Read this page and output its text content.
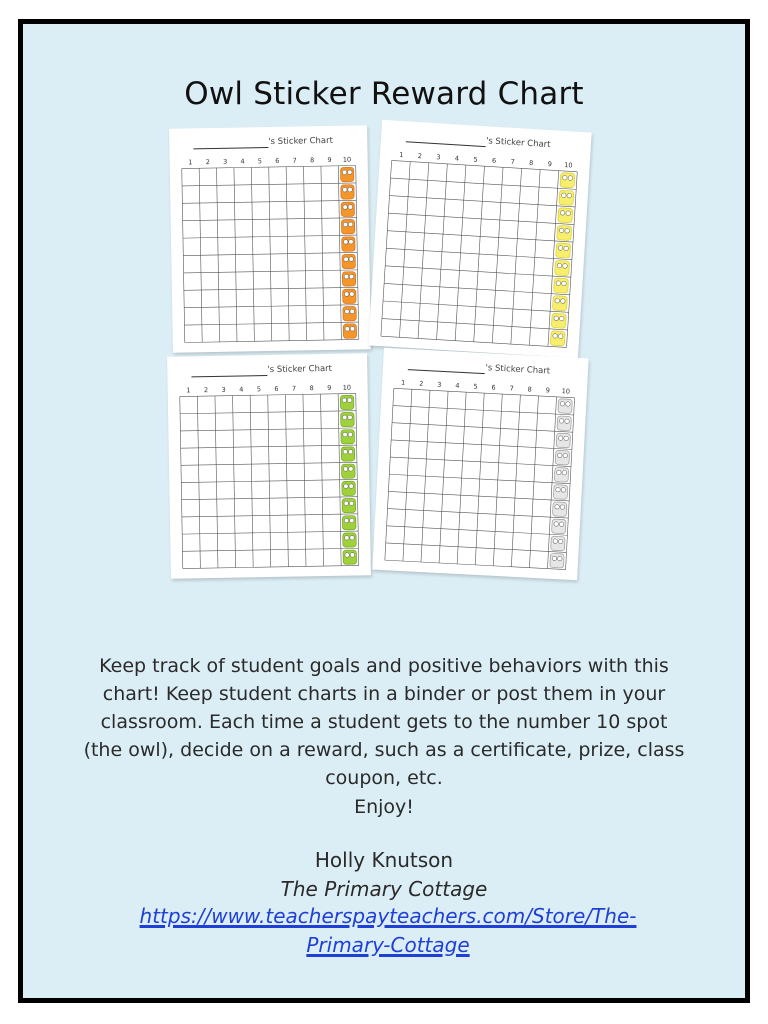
Owl Sticker Reward Chart
's Sticker Chart
1 2 3 4 5 6 7 8 9 10
's Sticker Chart
1 2 3 4 5 6 7 8 9 10
's Sticker Chart
1 2 3 4 5 6 7 8 9 10
's Sticker Chart
1 2 3 4 5 6 7 8 9 10
Keep track of student goals and positive behaviors with this chart! Keep student charts in a binder or post them in your classroom. Each time a student gets to the number 10 spot (the owl), decide on a reward, such as a certificate, prize, class coupon, etc.
Enjoy!
Holly Knutson
The Primary Cottage
https://www.teacherspayteachers.com/Store/The-Primary-Cottage
